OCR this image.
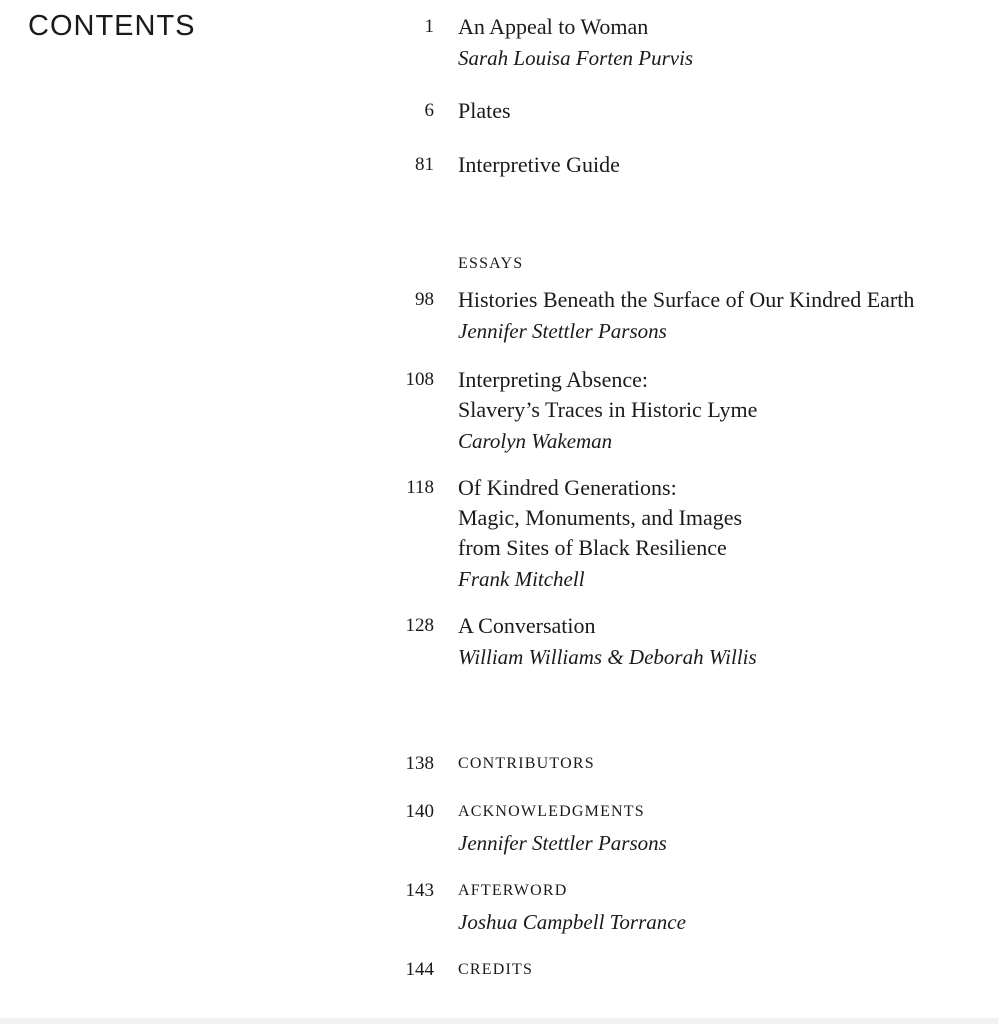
CONTENTS	1 An Appeal to Woman
Sarah Louisa Forten Purvis
6 Plates
81 Interpretive Guide
ESSAYS
98 Histories Beneath the Surface of Our Kindred Earth
Jennifer Stettler Parsons
108 Interpreting Absence:
Slavery’s Traces in Historic Lyme
Carolyn Wakeman
118 Of Kindred Generations:
Magic, Monuments, and Images
from Sites of Black Resilience
Frank Mitchell
128 A Conversation
William Williams & Deborah Willis
138 CONTRIBUTORS
140 ACKNOWLEDGMENTS
Jennifer Stettler Parsons
143 AFTERWORD
Joshua Campbell Torrance
144 CREDITS
